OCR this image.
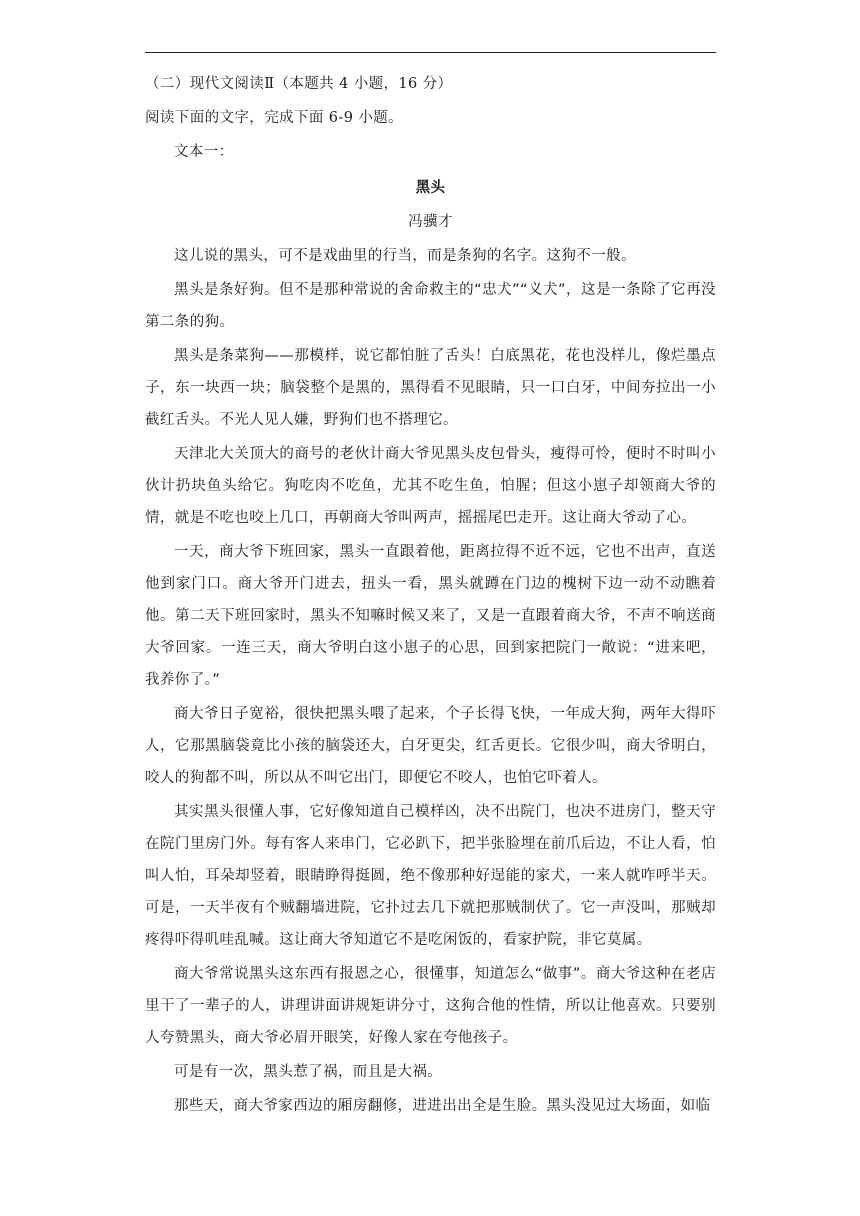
（二）现代文阅读Ⅱ（本题共 4 小题，16 分）

阅读下面的文字，完成下面 6-9 小题。

文本一：

黑头

冯骥才

这儿说的黑头，可不是戏曲里的行当，而是条狗的名字。这狗不一般。

黑头是条好狗。但不是那种常说的舍命救主的“忠犬”“义犬”，这是一条除了它再没第二条的狗。

黑头是条菜狗——那模样，说它都怕脏了舌头！白底黑花，花也没样儿，像烂墨点子，东一块西一块；脑袋整个是黑的，黑得看不见眼睛，只一口白牙，中间夯拉出一小截红舌头。不光人见人嫌，野狗们也不搭理它。

天津北大关顶大的商号的老伙计商大爷见黑头皮包骨头，瘦得可怜，便时不时叫小伙计扔块鱼头给它。狗吃肉不吃鱼，尤其不吃生鱼，怕腥；但这小崽子却领商大爷的情，就是不吃也咬上几口，再朝商大爷叫两声，摇摇尾巴走开。这让商大爷动了心。

一天，商大爷下班回家，黑头一直跟着他，距离拉得不近不远，它也不出声，直送他到家门口。商大爷开门进去，扭头一看，黑头就蹲在门边的槐树下边一动不动瞧着他。第二天下班回家时，黑头不知嘛时候又来了，又是一直跟着商大爷，不声不响送商大爷回家。一连三天，商大爷明白这小崽子的心思，回到家把院门一敞说：“进来吧，我养你了。”

商大爷日子宽裕，很快把黑头喂了起来，个子长得飞快，一年成大狗，两年大得吓人，它那黑脑袋竟比小孩的脑袋还大，白牙更尖，红舌更长。它很少叫，商大爷明白，咬人的狗都不叫，所以从不叫它出门，即便它不咬人，也怕它吓着人。

其实黑头很懂人事，它好像知道自己模样凶，决不出院门，也决不进房门，整天守在院门里房门外。每有客人来串门，它必趴下，把半张脸埋在前爪后边，不让人看，怕叫人怕，耳朵却竖着，眼睛睁得挺圆，绝不像那种好逞能的家犬，一来人就咋呼半天。可是，一天半夜有个贼翻墙进院，它扑过去几下就把那贼制伏了。它一声没叫，那贼却疼得吓得叽哇乱喊。这让商大爷知道它不是吃闲饭的，看家护院，非它莫属。

商大爷常说黑头这东西有报恩之心，很懂事，知道怎么“做事”。商大爷这种在老店里干了一辈子的人，讲理讲面讲规矩讲分寸，这狗合他的性情，所以让他喜欢。只要别人夸赞黑头，商大爷必眉开眼笑，好像人家在夸他孩子。

可是有一次，黑头惹了祸，而且是大祸。

那些天，商大爷家西边的厢房翻修，进进出出全是生脸。黑头没见过大场面，如临
